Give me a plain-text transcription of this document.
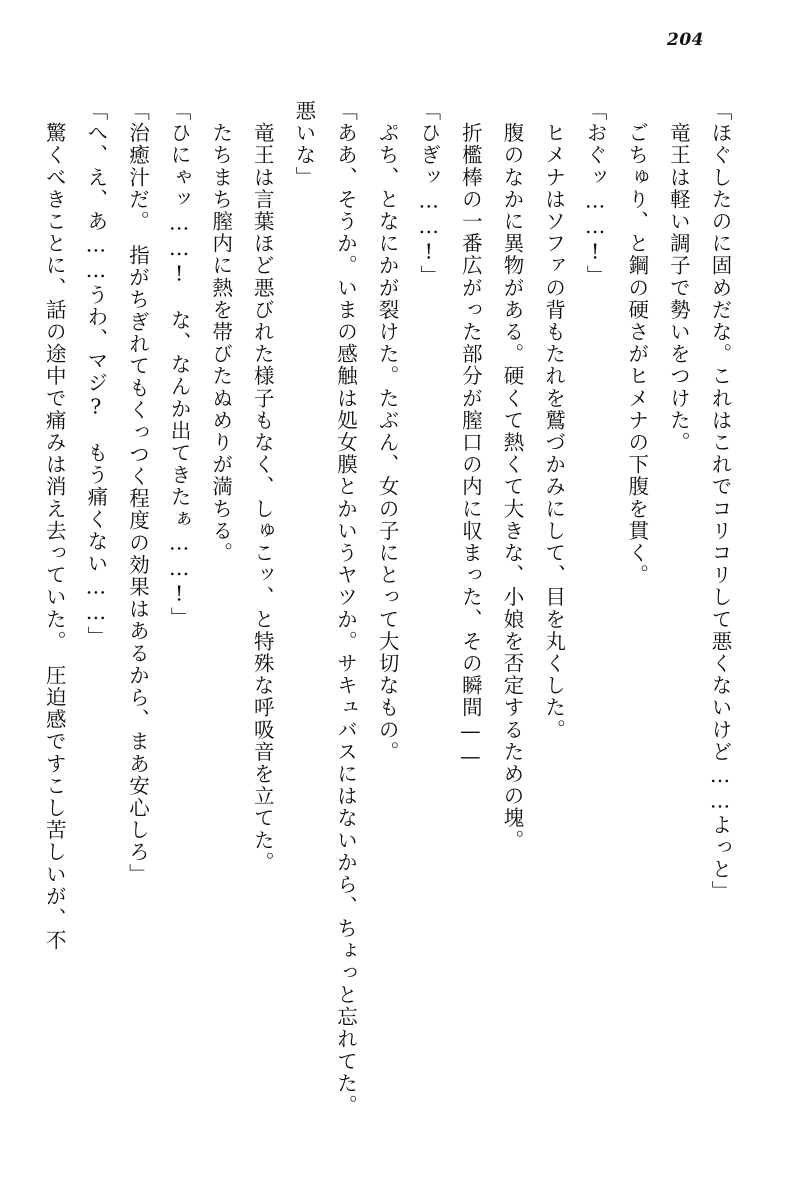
204

「ほぐしたのに固めだな。これはこれでコリコリして悪くないけど……よっと」

　竜王は軽い調子で勢いをつけた。

　ごちゅり、と鋼の硬さがヒメナの下腹を貫く。

「おぐッ……!」

　ヒメナはソファの背もたれを鷲づかみにして、目を丸くした。

　腹のなかに異物がある。硬くて熱くて大きな、小娘を否定するための塊。

　折檻棒の一番広がった部分が膣口の内に収まった、その瞬間——

「ひぎッ……!」

　ぷち、となにかが裂けた。たぶん、女の子にとって大切なもの。

「ああ、そうか。いまの感触は処女膜とかいうヤツか。サキュバスにはないから、ちょっと忘れてた。　悪いな」

　竜王は言葉ほど悪びれた様子もなく、しゅこッ、と特殊な呼吸音を立てた。

　たちまち膣内に熱を帯びたぬめりが満ちる。

「ひにゃッ……!　な、なんか出てきたぁ……!」

「治癒汁だ。　指がちぎれてもくっつく程度の効果はあるから、まあ安心しろ」

「へ、え、あ……うわ、マジ?　もう痛くない……」

　驚くべきことに、話の途中で痛みは消え去っていた。　圧迫感ですこし苦しいが、不
